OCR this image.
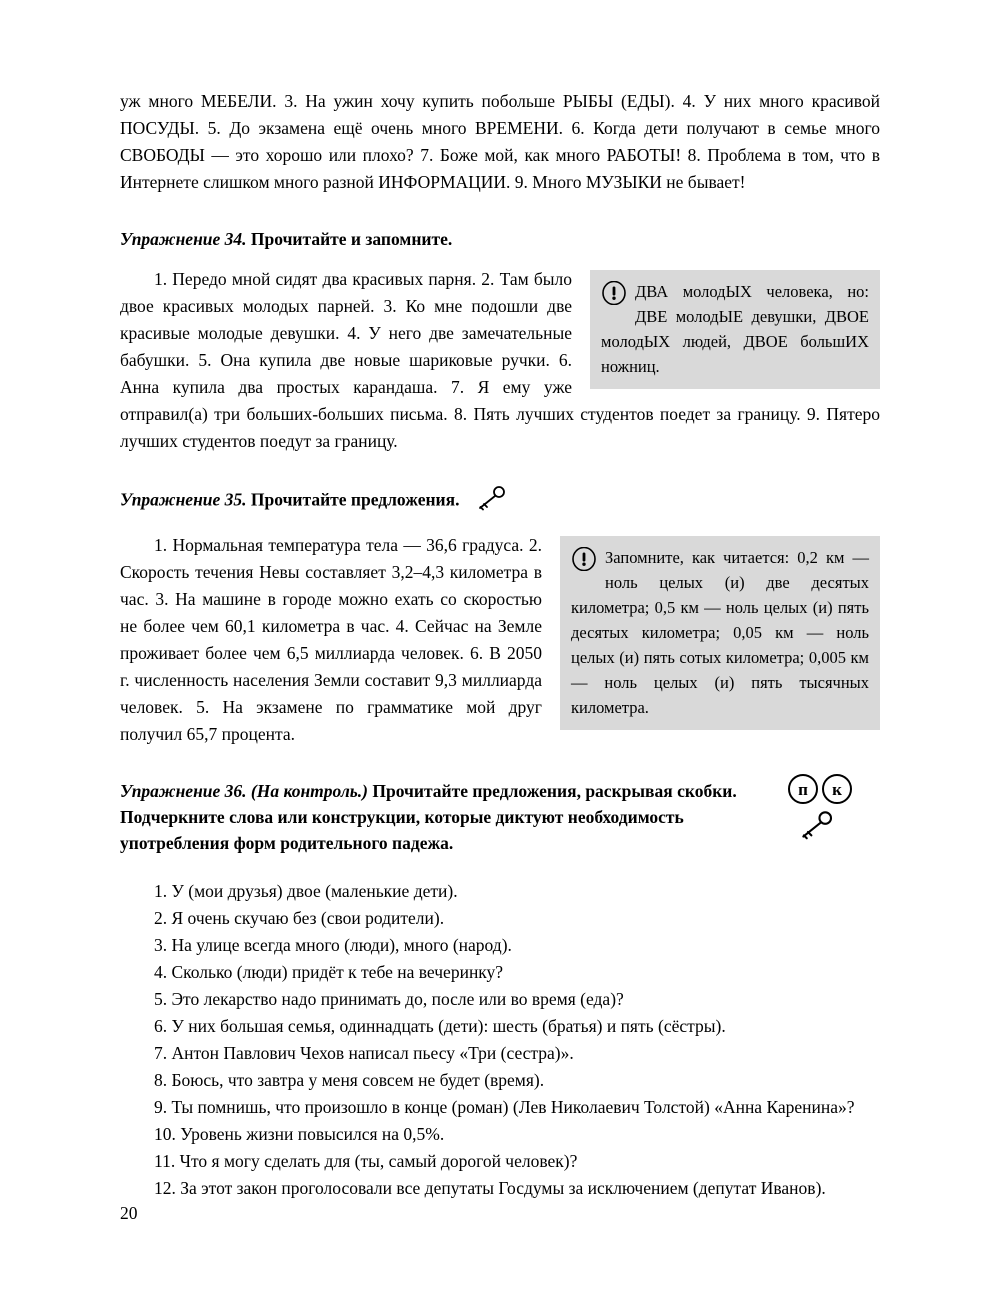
уж много МЕБЕЛИ. 3. На ужин хочу купить побольше РЫБЫ (ЕДЫ). 4. У них много красивой ПОСУДЫ. 5. До экзамена ещё очень много ВРЕМЕНИ. 6. Когда дети получают в семье много СВОБОДЫ — это хорошо или плохо? 7. Боже мой, как много РАБОТЫ! 8. Проблема в том, что в Интернете слишком много разной ИНФОРМАЦИИ. 9. Много МУЗЫКИ не бывает!

Упражнение 34. Прочитайте и запомните.

ДВА молодЫХ человека, но: ДВЕ молодЫЕ девушки, ДВОЕ молодЫХ людей, ДВОЕ большИХ ножниц.

1. Передо мной сидят два красивых парня. 2. Там было двое красивых молодых парней. 3. Ко мне подошли две красивые молодые девушки. 4. У него две замечательные бабушки. 5. Она купила две новые шариковые ручки. 6. Анна купила два простых карандаша. 7. Я ему уже отправил(а) три больших-больших письма. 8. Пять лучших студентов поедет за границу. 9. Пятеро лучших студентов поедут за границу.

Упражнение 35. Прочитайте предложения.

Запомните, как читается: 0,2 км — ноль целых (и) две десятых километра; 0,5 км — ноль целых (и) пять десятых километра; 0,05 км — ноль целых (и) пять сотых километра; 0,005 км — ноль целых (и) пять тысячных километра.

1. Нормальная температура тела — 36,6 градуса. 2. Скорость течения Невы составляет 3,2–4,3 километра в час. 3. На машине в городе можно ехать со скоростью не более чем 60,1 километра в час. 4. Сейчас на Земле проживает более чем 6,5 миллиарда человек. 6. В 2050 г. численность населения Земли составит 9,3 миллиарда человек. 5. На экзамене по грамматике мой друг получил 65,7 процента.

Упражнение 36. (На контроль.) Прочитайте предложения, раскрывая скобки. Подчеркните слова или конструкции, которые диктуют необходимость употребления форм родительного падежа.

п к

1. У (мои друзья) двое (маленькие дети).

2. Я очень скучаю без (свои родители).

3. На улице всегда много (люди), много (народ).

4. Сколько (люди) придёт к тебе на вечеринку?

5. Это лекарство надо принимать до, после или во время (еда)?

6. У них большая семья, одиннадцать (дети): шесть (братья) и пять (сёстры).

7. Антон Павлович Чехов написал пьесу «Три (сестра)».

8. Боюсь, что завтра у меня совсем не будет (время).

9. Ты помнишь, что произошло в конце (роман) (Лев Николаевич Толстой) «Анна Каренина»?

10. Уровень жизни повысился на 0,5%.

11. Что я могу сделать для (ты, самый дорогой человек)?

12. За этот закон проголосовали все депутаты Госдумы за исключением (депутат Иванов).

20
